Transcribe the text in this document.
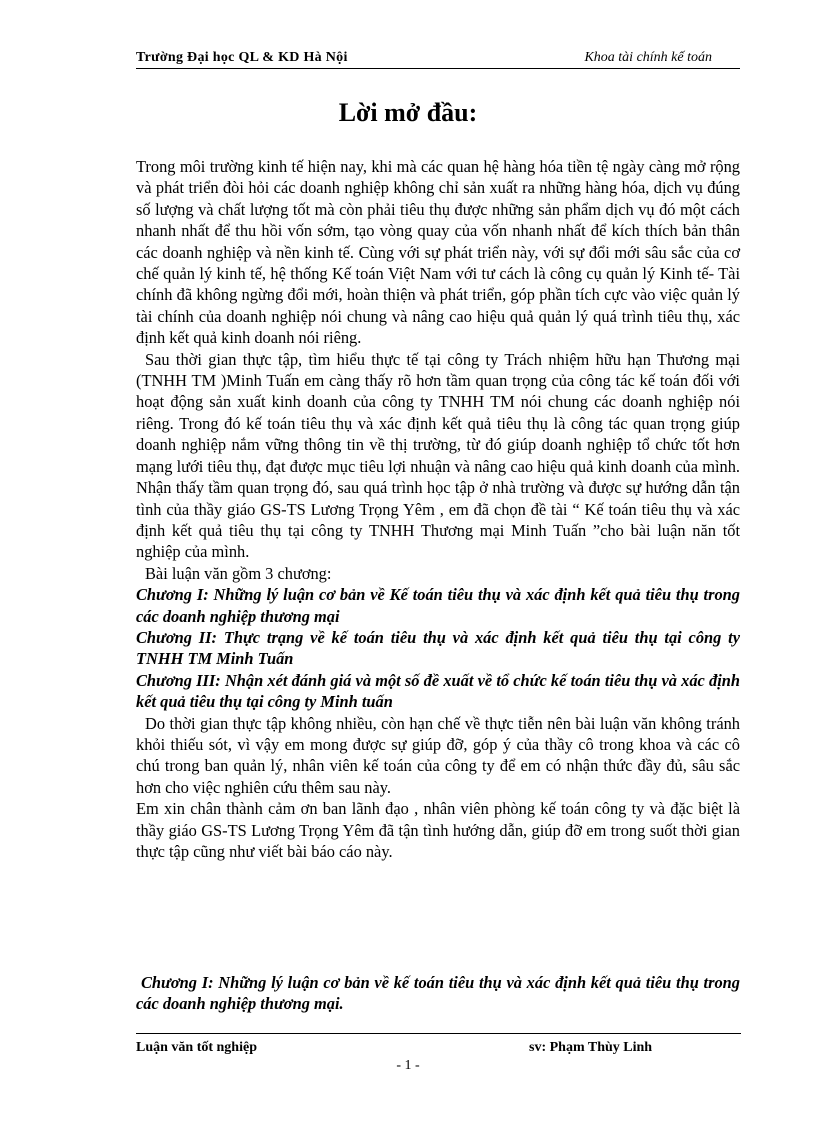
Trường Đại học QL & KD Hà Nội	Khoa tài chính kế toán
Lời mở đầu:

Trong môi trường kinh tế hiện nay, khi mà các quan hệ hàng hóa tiền tệ ngày càng mở rộng và phát triển đòi hỏi các doanh nghiệp không chỉ sản xuất ra những hàng hóa, dịch vụ đúng số lượng và chất lượng tốt mà còn phải tiêu thụ được những sản phẩm dịch vụ đó một cách nhanh nhất để thu hồi vốn sớm, tạo vòng quay của vốn nhanh nhất để kích thích bản thân các doanh nghiệp và nền kinh tế. Cùng với sự phát triển này, với sự đổi mới sâu sắc của cơ chế quản lý kinh tế, hệ thống Kế toán Việt Nam với tư cách là công cụ quản lý Kinh tế- Tài chính đã không ngừng đổi mới, hoàn thiện và phát triển, góp phần tích cực vào việc quản lý tài chính của doanh nghiệp nói chung và nâng cao hiệu quả quản lý quá trình tiêu thụ, xác định kết quả kinh doanh nói riêng.

Sau thời gian thực tập, tìm hiểu thực tế tại công ty Trách nhiệm hữu hạn Thương mại (TNHH TM )Minh Tuấn em càng thấy rõ hơn tầm quan trọng của công tác kế toán đối với hoạt động sản xuất kinh doanh của công ty TNHH TM nói chung các doanh nghiệp nói riêng. Trong đó kế toán tiêu thụ và xác định kết quả tiêu thụ là công tác quan trọng giúp doanh nghiệp nắm vững thông tin về thị trường, từ đó giúp doanh nghiệp tổ chức tốt hơn mạng lưới tiêu thụ, đạt được mục tiêu lợi nhuận và nâng cao hiệu quả kinh doanh của mình. Nhận thấy tầm quan trọng đó, sau quá trình học tập ở nhà trường và được sự hướng dẫn tận tình của thầy giáo GS-TS Lương Trọng Yêm , em đã chọn đề tài “ Kế toán tiêu thụ và xác định kết quả tiêu thụ tại công ty TNHH Thương mại Minh Tuấn ”cho bài luận năn tốt nghiệp của mình.

Bài luận văn gồm 3 chương:

Chương I: Những lý luận cơ bản về Kế toán tiêu thụ và xác định kết quả tiêu thụ trong các doanh nghiệp thương mại

Chương II: Thực trạng về kế toán tiêu thụ và xác định kết quả tiêu thụ tại công ty TNHH TM Minh Tuấn

Chương III: Nhận xét đánh giá và một số đề xuất về tổ chức kế toán tiêu thụ và xác định kết quả tiêu thụ tại công ty Minh tuấn

Do thời gian thực tập không nhiều, còn hạn chế về thực tiễn nên bài luận văn không tránh khỏi thiếu sót, vì vậy em mong được sự giúp đỡ, góp ý của thầy cô trong khoa và các cô chú trong ban quản lý, nhân viên kế toán của công ty để em có nhận thức đầy đủ, sâu sắc hơn cho việc nghiên cứu thêm sau này.

Em xin chân thành cảm ơn ban lãnh đạo , nhân viên phòng kế toán công ty và đặc biệt là thầy giáo GS-TS Lương Trọng Yêm đã tận tình hướng dẫn, giúp đỡ em trong suốt thời gian thực tập cũng như viết bài báo cáo này.

Chương I: Những lý luận cơ bản về kế toán tiêu thụ và xác định kết quả tiêu thụ trong các doanh nghiệp thương mại.
Luận văn tốt nghiệp	sv: Phạm Thùy Linh
- 1 -
